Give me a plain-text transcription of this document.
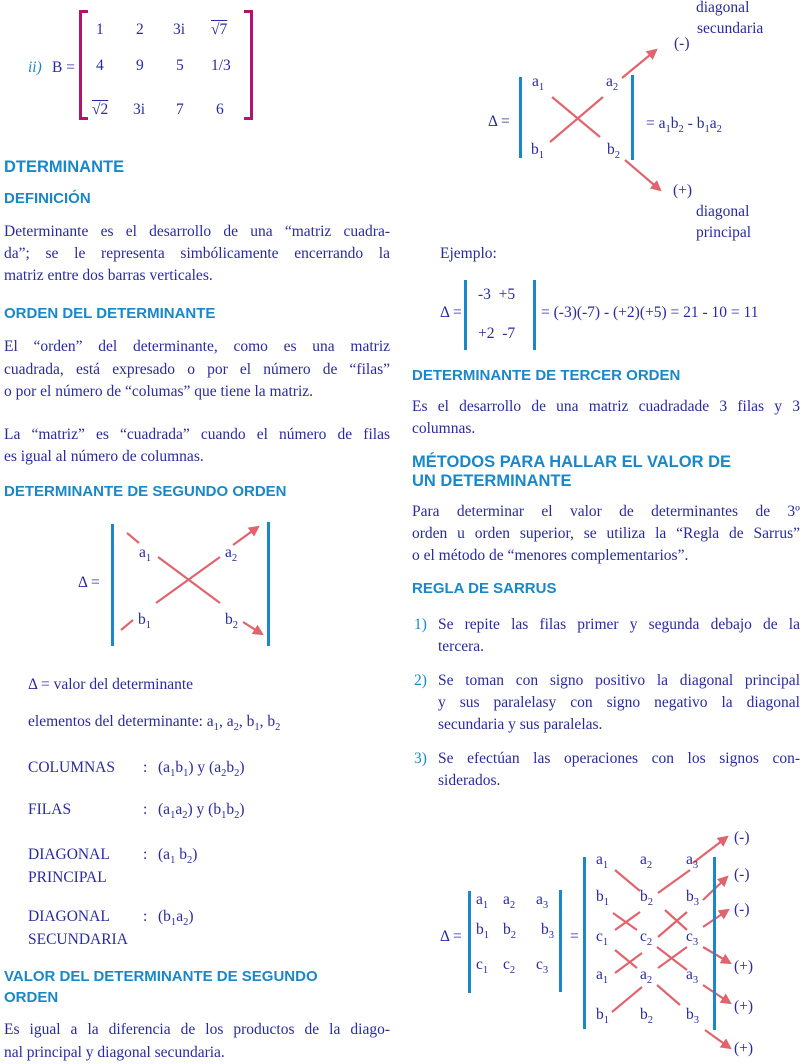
ii) B =
1 2 3i √7
4 9 5 1/3
√2 3i 7 6
DTERMINANTE
DEFINICIÓN
Determinante es el desarrollo de una “matriz cuadra-
da”; se le representa simbólicamente encerrando la
matriz entre dos barras verticales.
ORDEN DEL DETERMINANTE
El “orden” del determinante, como es una matriz
cuadrada, está expresado o por el número de “filas”
o por el número de “columas” que tiene la matriz.
La “matriz” es “cuadrada” cuando el número de filas
es igual al número de columnas.
DETERMINANTE DE SEGUNDO ORDEN
Δ =
$a_1$	$a_2$
$b_1$	$b_2$
Δ = valor del determinante
elementos del determinante: $a_1$, $a_2$, $b_1$, $b_2$
COLUMNAS : $(a_1b_1)$ y $(a_2b_2)$
FILAS	: $(a_1a_2)$ y $(b_1b_2)$
DIAGONAL
PRINCIPAL
: ($a_1$ $b_2$)
DIAGONAL
SECUNDARIA
: $(b_1a_2)$
VALOR DEL DETERMINANTE DE SEGUNDO
ORDEN
Es igual a la diferencia de los productos de la diago-
nal principal y diagonal secundaria.
diagonal
secundaria
(-)
Δ =
$a_1$	$a_2$
$b_1$	$b_2$
= $a_1b_2 - b_1a_2$
(+)
diagonal
principal
Ejemplo:
Δ =
-3  +5
+2  -7
= (-3)(-7) - (+2)(+5) = 21 - 10 = 11
DETERMINANTE DE TERCER ORDEN
Es el desarrollo de una matriz cuadradade 3 filas y 3
columnas.
MÉTODOS PARA HALLAR EL VALOR DE
UN DETERMINANTE
Para determinar el valor de determinantes de 3º
orden u orden superior, se utiliza la “Regla de Sarrus”
o el método de “menores complementarios”.
REGLA DE SARRUS
1) Se repite las filas primer y segunda debajo de la
tercera.
2) Se toman con signo positivo la diagonal principal
y sus paralelasy con signo negativo la diagonal
secundaria y sus paralelas.
3) Se efectúan las operaciones con los signos con-
siderados.
Δ =	=
$a_1$ $a_2$ $a_3$
$b_1$ $b_2$ $b_3$
$c_1$ $c_2$ $c_3$
$a_1$ $a_2$ $a_3$
$b_1$ $b_2$ $b_3$
$c_1$ $c_2$ $c_3$
$a_1$ $a_2$ $a_3$
$b_1$ $b_2$ $b_3$
(-)
(-)
(-)
(+)
(+)
(+)
